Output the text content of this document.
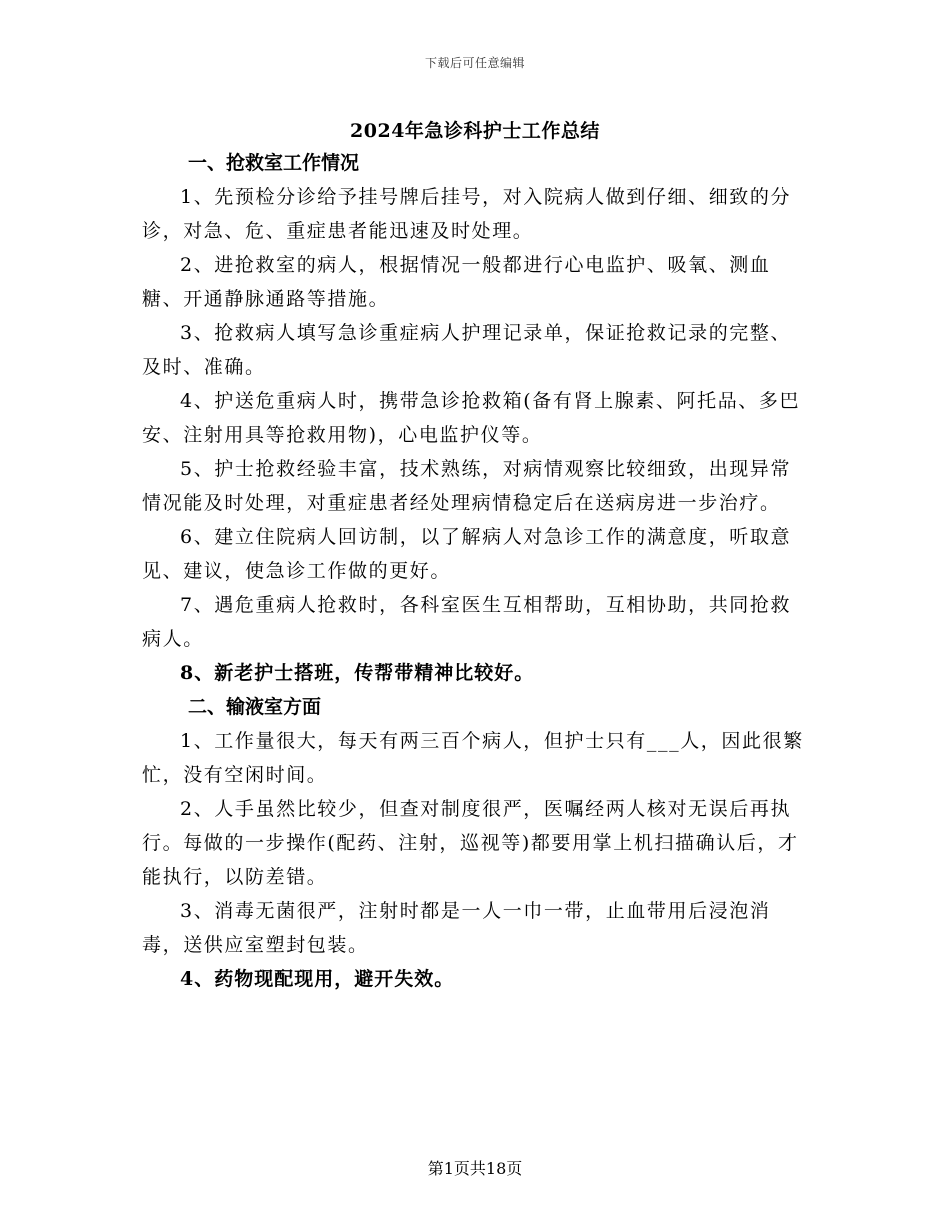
下载后可任意编辑
2024年急诊科护士工作总结

一、抢救室工作情况

1、先预检分诊给予挂号牌后挂号，对入院病人做到仔细、细致的分诊，对急、危、重症患者能迅速及时处理。

2、进抢救室的病人，根据情况一般都进行心电监护、吸氧、测血糖、开通静脉通路等措施。

3、抢救病人填写急诊重症病人护理记录单，保证抢救记录的完整、及时、准确。

4、护送危重病人时，携带急诊抢救箱(备有肾上腺素、阿托品、多巴安、注射用具等抢救用物)，心电监护仪等。

5、护士抢救经验丰富，技术熟练，对病情观察比较细致，出现异常情况能及时处理，对重症患者经处理病情稳定后在送病房进一步治疗。

6、建立住院病人回访制，以了解病人对急诊工作的满意度，听取意见、建议，使急诊工作做的更好。

7、遇危重病人抢救时，各科室医生互相帮助，互相协助，共同抢救病人。

8、新老护士搭班，传帮带精神比较好。

二、输液室方面

1、工作量很大，每天有两三百个病人，但护士只有___人，因此很繁忙，没有空闲时间。

2、人手虽然比较少，但查对制度很严，医嘱经两人核对无误后再执行。每做的一步操作(配药、注射，巡视等)都要用掌上机扫描确认后，才能执行，以防差错。

3、消毒无菌很严，注射时都是一人一巾一带，止血带用后浸泡消毒，送供应室塑封包装。

4、药物现配现用，避开失效。

第1页共18页
